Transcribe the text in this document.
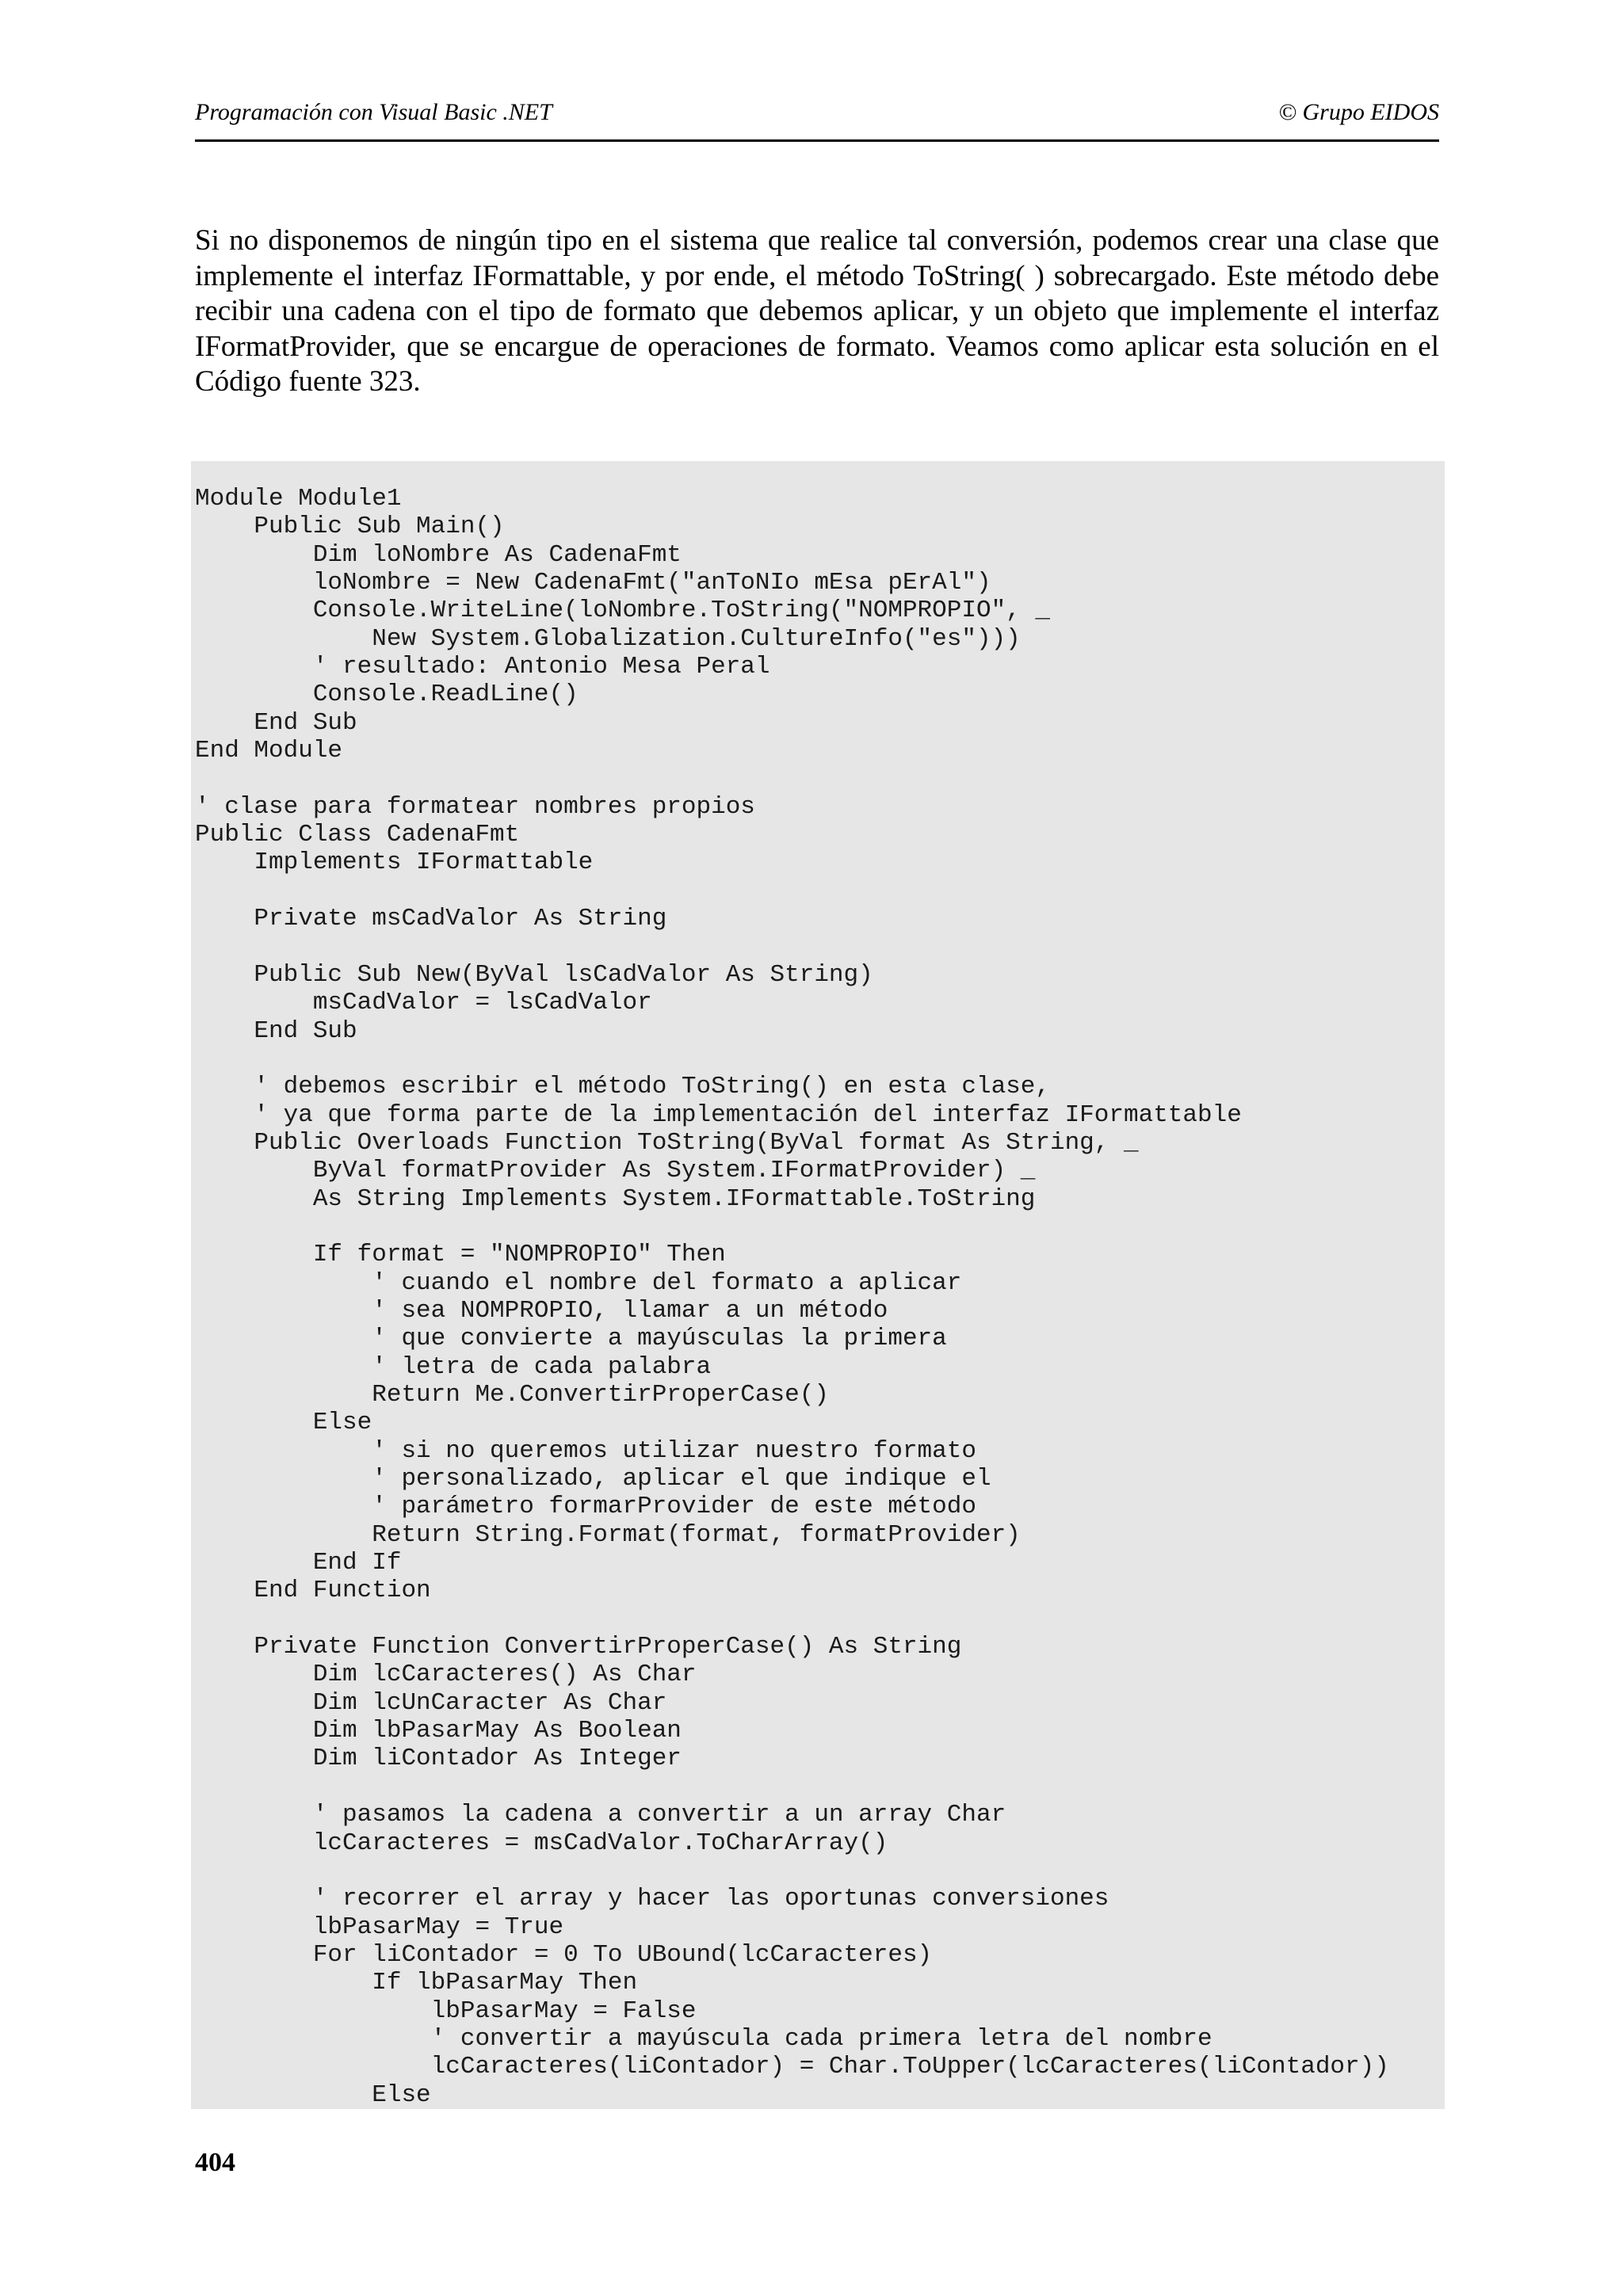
Programación con Visual Basic .NET	© Grupo EIDOS

Si no disponemos de ningún tipo en el sistema que realice tal conversión, podemos crear una clase que implemente el interfaz IFormattable, y por ende, el método ToString( ) sobrecargado. Este método debe recibir una cadena con el tipo de formato que debemos aplicar, y un objeto que implemente el interfaz IFormatProvider, que se encargue de operaciones de formato. Veamos como aplicar esta solución en el Código fuente 323.

Module Module1
Public Sub Main()
Dim loNombre As CadenaFmt
loNombre = New CadenaFmt("anToNIo mEsa pErAl")
Console.WriteLine(loNombre.ToString("NOMPROPIO", _
New System.Globalization.CultureInfo("es")))
' resultado: Antonio Mesa Peral
Console.ReadLine()
End Sub
End Module

' clase para formatear nombres propios
Public Class CadenaFmt
Implements IFormattable

Private msCadValor As String

Public Sub New(ByVal lsCadValor As String)
msCadValor = lsCadValor
End Sub

' debemos escribir el método ToString() en esta clase,
' ya que forma parte de la implementación del interfaz IFormattable
Public Overloads Function ToString(ByVal format As String, _
ByVal formatProvider As System.IFormatProvider) _
As String Implements System.IFormattable.ToString

If format = "NOMPROPIO" Then
' cuando el nombre del formato a aplicar
' sea NOMPROPIO, llamar a un método
' que convierte a mayúsculas la primera
' letra de cada palabra
Return Me.ConvertirProperCase()
Else
' si no queremos utilizar nuestro formato
' personalizado, aplicar el que indique el
' parámetro formarProvider de este método
Return String.Format(format, formatProvider)
End If
End Function

Private Function ConvertirProperCase() As String
Dim lcCaracteres() As Char
Dim lcUnCaracter As Char
Dim lbPasarMay As Boolean
Dim liContador As Integer

' pasamos la cadena a convertir a un array Char
lcCaracteres = msCadValor.ToCharArray()

' recorrer el array y hacer las oportunas conversiones
lbPasarMay = True
For liContador = 0 To UBound(lcCaracteres)
If lbPasarMay Then
lbPasarMay = False
' convertir a mayúscula cada primera letra del nombre
lcCaracteres(liContador) = Char.ToUpper(lcCaracteres(liContador))
Else
404
